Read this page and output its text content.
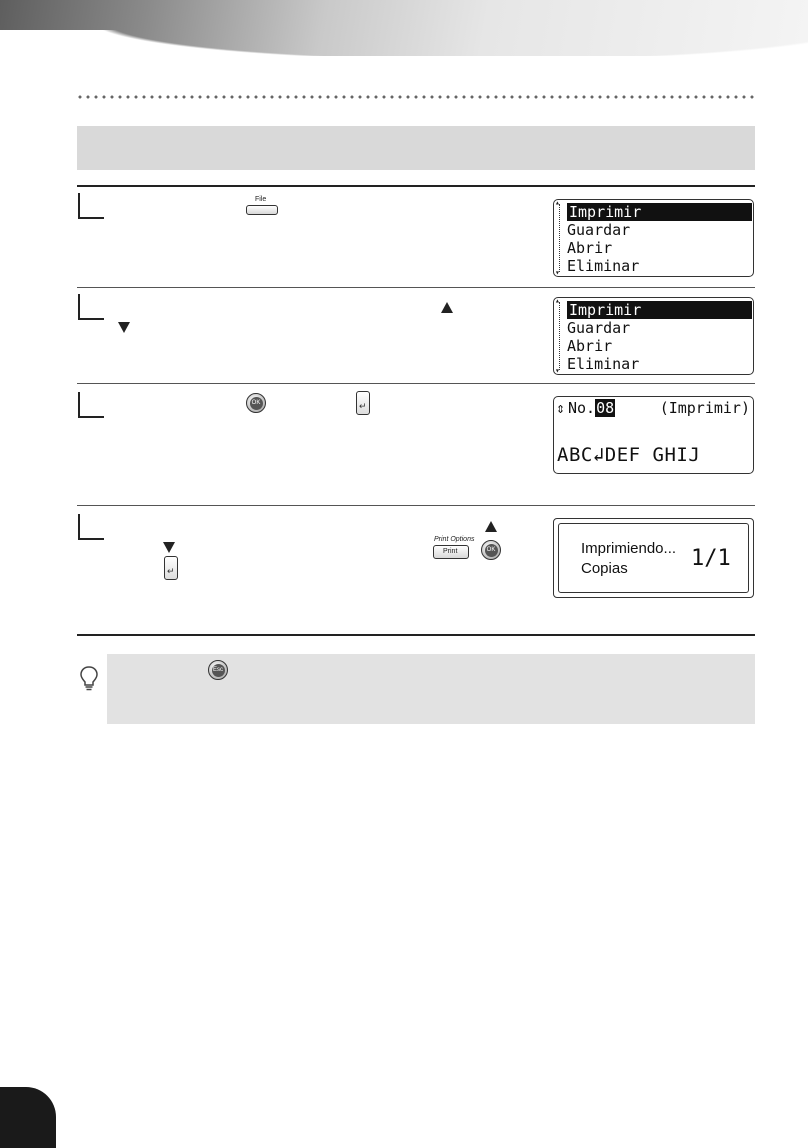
File
▴ ▾
Imprimir
Guardar
Abrir
Eliminar
▴ ▾
Imprimir
Guardar
Abrir
Eliminar
OK
↵	⇕ No.08	(Imprimir)
ABC↲DEF GHIJ
Print Options
Print	OK
↵	Imprimiendo...
Copias	1/1
Esc
